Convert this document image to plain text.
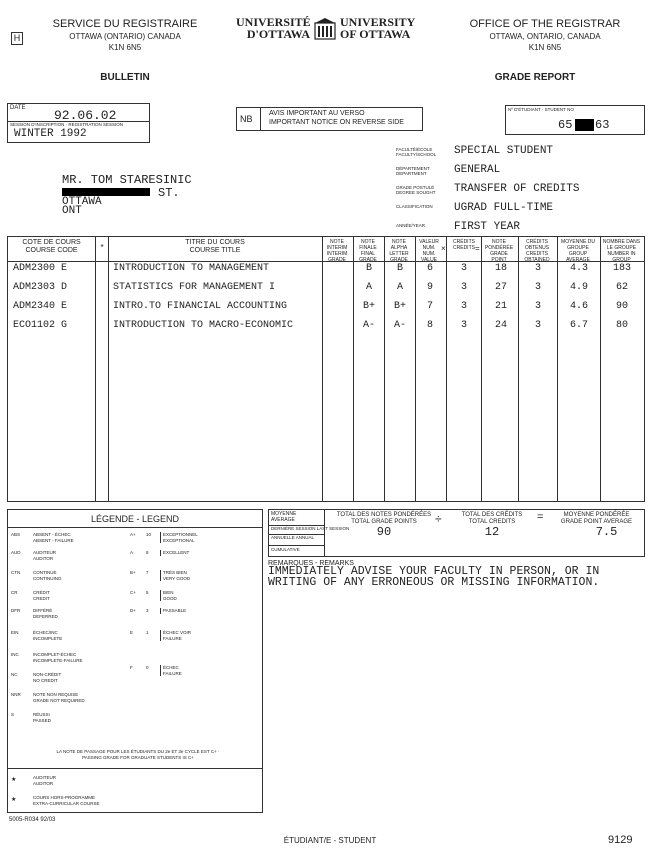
H
SERVICE DU REGISTRAIRE
OTTAWA (ONTARIO) CANADA
K1N 6N5
UNIVERSITÉ
D'OTTAWA
UNIVERSITY
OF OTTAWA
OFFICE OF THE REGISTRAR
OTTAWA, ONTARIO, CANADA
K1N 6N5
BULLETIN	GRADE REPORT
DATE 92.06.02
SESSION D'INSCRIPTION · REGISTRATION SESSION
WINTER 1992
NB
AVIS IMPORTANT AU VERSO
IMPORTANT NOTICE ON REVERSE SIDE
Nº D'ÉTUDIANT · STUDENT NO
65 63
MR. TOM STARESINIC
ST.
OTTAWA
ONT
FACULTÉ/ÉCOLE
FACULTY/SCHOOL	SPECIAL STUDENT
DÉPARTEMENT
DEPARTMENT	GENERAL
GRADE POSTULÉ
DEGREE SOUGHT	TRANSFER OF CREDITS
CLASSIFICATION	UGRAD FULL-TIME
ANNÉE/YEAR	FIRST YEAR
COTE DE COURS
COURSE CODE	*
TITRE DU COURS
COURSE TITLE
NOTE INTERIM INTERIM GRADE
NOTE FINALE FINAL GRADE
NOTE ALPHA LETTER GRADE
VALEUR NUM. NUM. VALUE
×
CRÉDITS CREDITS =
NOTE PONDÉRÉE GRADE POINT
CRÉDITS OBTENUS CREDITS OBTAINED
MOYENNE DU GROUPE GROUP AVERAGE
NOMBRE DANS LE GROUPE NUMBER IN GROUP
ADM2300 E	INTRODUCTION TO MANAGEMENT	B	B	6	3	18	3	4.3	183
ADM2303 D	STATISTICS FOR MANAGEMENT I	A	A	9	3	27	3	4.9	62
ADM2340 E	INTRO.TO FINANCIAL ACCOUNTING	B+	B+	7	3	21	3	4.6	90
ECO1102 G	INTRODUCTION TO MACRO-ECONOMIC	A-	A-	8	3	24	3	6.7	80
MOYENNE
AVERAGE
DERNIÈRE SESSION LAST SESSION
ANNUELLE ANNUAL
CUMULATIVE
TOTAL DES NOTES PONDÉRÉES
TOTAL GRADE POINTS	÷	TOTAL DES CRÉDITS
TOTAL CREDITS	=	MOYENNE PONDÉRÉE
GRADE POINT AVERAGE
90	12	7.5
REMARQUES - REMARKS
IMMEDIATELY ADVISE YOUR FACULTY IN PERSON, OR IN
WRITING OF ANY ERRONEOUS OR MISSING INFORMATION.
LÉGENDE - LEGEND
ABS	ABSENT - ÉCHEC
ABSENT - FAILURE
AUD	AUDITEUR
AUDITOR
CTN	CONTINUE
CONTINUING
CR	CRÉDIT
CREDIT
DFR	DIFFÉRÉ
DEFERRED
EIN	ÉCHEC/INC
INCOMPLETE
INC	INCOMPLET-ÉCHEC
INCOMPLETE-FAILURE
NC	NON-CRÉDIT
NO CREDIT
NNR	NOTE NON REQUISE
GRADE NOT REQUIRED
S	RÉUSSI
PASSED
A+ 10	EXCEPTIONNEL
EXCEPTIONAL
A	8	EXCELLENT
B+ 7	TRÈS BIEN
VERY GOOD
C+ 5	BIEN
GOOD
D+ 3	PASSABLE
E	1	ÉCHEC VOIR
FAILURE
F	0	ÉCHEC
FAILURE
LA NOTE DE PASSAGE POUR LES ÉTUDIANTS DU 2e ET 3e CYCLE EST C+ · PASSING GRADE FOR GRADUATE STUDENTS IS C+
★	AUDITEUR
AUDITOR
★	COURS HORS-PROGRAMME
EXTRA-CURRICULAR COURSE
5005-R034 92/03
ÉTUDIANT/E - STUDENT	9129
